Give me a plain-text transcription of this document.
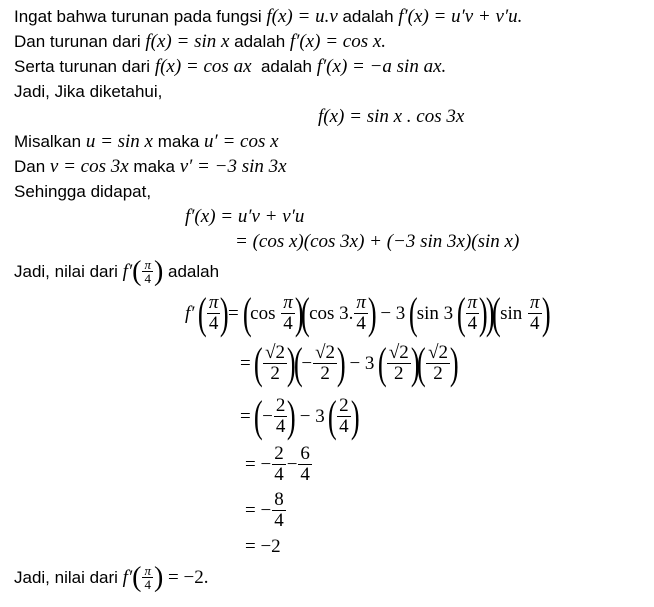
Ingat bahwa turunan pada fungsi f(x) = u.v adalah f′(x) = u′v + v′u.
Dan turunan dari f(x) = sin x adalah f′(x) = cos x.
Serta turunan dari f(x) = cos ax  adalah f′(x) = −a sin ax.
Jadi, Jika diketahui,
f(x) = sin x . cos 3x
Misalkan u = sin x maka u′ = cos x
Dan v = cos 3x maka v′ = −3 sin 3x
Sehingga didapat,
f′(x) = u′v + v′u
= (cos x)(cos 3x) + (−3 sin 3x)(sin x)
Jadi, nilai dari f′ ( $\frac{\pi}{4}$ ) adalah
f′
( $\frac{\pi}{4}$ )
=
(
$\cos \frac{\pi}{4}$ )
(
cos 3. $\frac{\pi}{4}$ )
− 3
(
sin 3
( $\frac{\pi}{4}$ )
)
(
$\sin \frac{\pi}{4}$ )
=
( $\frac{√2}{2}$ )
(
− $\frac{√2}{2}$ )
− 3
( $\frac{√2}{2}$ )
( $\frac{√2}{2}$ )
=
(
− $\frac{2}{4}$ )
− 3
( $\frac{2}{4}$ )
=
− $\frac{2}{4} - \frac{6}{4}$
=
− $\frac{8}{4}$
= −2
Jadi, nilai dari f′ ( $\frac{\pi}{4}$ ) = −2.
